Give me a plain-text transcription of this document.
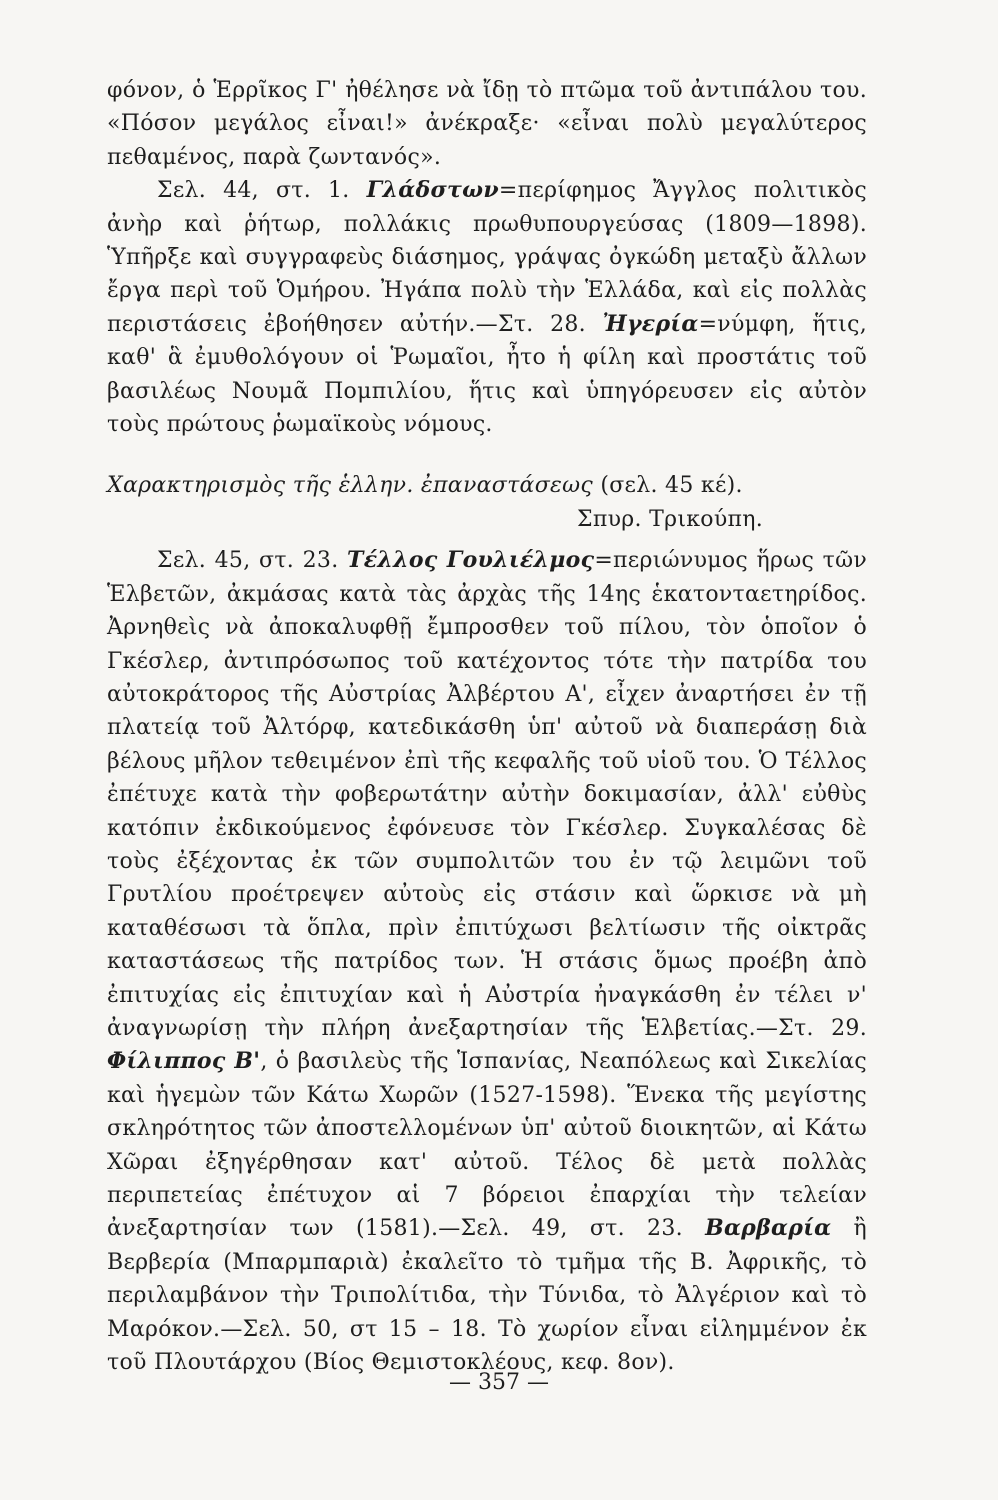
φόνον, ὁ Ἑρρῖκος Γ' ἠθέλησε νὰ ἴδῃ τὸ πτῶμα τοῦ ἀντιπάλου του. «Πόσον μεγάλος εἶναι!» ἀνέκραξε· «εἶναι πολὺ μεγαλύτερος πεθαμένος, παρὰ ζωντανός».

Σελ. 44, στ. 1. Γλάδστων=περίφημος Ἄγγλος πολιτικὸς ἀνὴρ καὶ ῥήτωρ, πολλάκις πρωθυπουργεύσας (1809—1898). Ὑπῆρξε καὶ συγγραφεὺς διάσημος, γράψας ὀγκώδη μεταξὺ ἄλλων ἔργα περὶ τοῦ Ὁμήρου. Ἠγάπα πολὺ τὴν Ἑλλάδα, καὶ εἰς πολλὰς περιστάσεις ἐβοήθησεν αὐτήν.—Στ. 28. Ἠγερία=νύμφη, ἥτις, καθ' ἃ ἐμυθολόγουν οἱ Ῥωμαῖοι, ἦτο ἡ φίλη καὶ προστάτις τοῦ βασιλέως Νουμᾶ Πομπιλίου, ἥτις καὶ ὑπηγόρευσεν εἰς αὐτὸν τοὺς πρώτους ῥωμαϊκοὺς νόμους.

Χαρακτηρισμὸς τῆς ἑλλην. ἐπαναστάσεως (σελ. 45 κέ).

Σπυρ. Τρικούπη.

Σελ. 45, στ. 23. Τέλλος Γουλιέλμος=περιώνυμος ἥρως τῶν Ἑλβετῶν, ἀκμάσας κατὰ τὰς ἀρχὰς τῆς 14ης ἑκατονταετηρίδος. Ἀρνηθεὶς νὰ ἀποκαλυφθῇ ἔμπροσθεν τοῦ πίλου, τὸν ὁποῖον ὁ Γκέσλερ, ἀντιπρόσωπος τοῦ κατέχοντος τότε τὴν πατρίδα του αὐτοκράτορος τῆς Αὐστρίας Ἀλβέρτου Α', εἶχεν ἀναρτήσει ἐν τῇ πλατείᾳ τοῦ Ἀλτόρφ, κατεδικάσθη ὑπ' αὐτοῦ νὰ διαπεράσῃ διὰ βέλους μῆλον τεθειμένον ἐπὶ τῆς κεφαλῆς τοῦ υἱοῦ του. Ὁ Τέλλος ἐπέτυχε κατὰ τὴν φοβερωτάτην αὐτὴν δοκιμασίαν, ἀλλ' εὐθὺς κατόπιν ἐκδικούμενος ἐφόνευσε τὸν Γκέσλερ. Συγκαλέσας δὲ τοὺς ἐξέχοντας ἐκ τῶν συμπολιτῶν του ἐν τῷ λειμῶνι τοῦ Γρυτλίου προέτρεψεν αὐτοὺς εἰς στάσιν καὶ ὥρκισε νὰ μὴ καταθέσωσι τὰ ὅπλα, πρὶν ἐπιτύχωσι βελτίωσιν τῆς οἰκτρᾶς καταστάσεως τῆς πατρίδος των. Ἡ στάσις ὅμως προέβη ἀπὸ ἐπιτυχίας εἰς ἐπιτυχίαν καὶ ἡ Αὐστρία ἠναγκάσθη ἐν τέλει ν' ἀναγνωρίσῃ τὴν πλήρη ἀνεξαρτησίαν τῆς Ἑλβετίας.—Στ. 29. Φίλιππος Β', ὁ βασιλεὺς τῆς Ἱσπανίας, Νεαπόλεως καὶ Σικελίας καὶ ἡγεμὼν τῶν Κάτω Χωρῶν (1527-1598). Ἕνεκα τῆς μεγίστης σκληρότητος τῶν ἀποστελλομένων ὑπ' αὐτοῦ διοικητῶν, αἱ Κάτω Χῶραι ἐξηγέρθησαν κατ' αὐτοῦ. Τέλος δὲ μετὰ πολλὰς περιπετείας ἐπέτυχον αἱ 7 βόρειοι ἐπαρχίαι τὴν τελείαν ἀνεξαρτησίαν των (1581).—Σελ. 49, στ. 23. Βαρβαρία ἢ Βερβερία (Μπαρμπαριὰ) ἐκαλεῖτο τὸ τμῆμα τῆς Β. Ἀφρικῆς, τὸ περιλαμβάνον τὴν Τριπολίτιδα, τὴν Τύνιδα, τὸ Ἀλγέριον καὶ τὸ Μαρόκον.—Σελ. 50, στ 15 – 18. Τὸ χωρίον εἶναι εἰλημμένον ἐκ τοῦ Πλουτάρχου (Βίος Θεμιστοκλέους, κεφ. 8ον).

— 357 —
